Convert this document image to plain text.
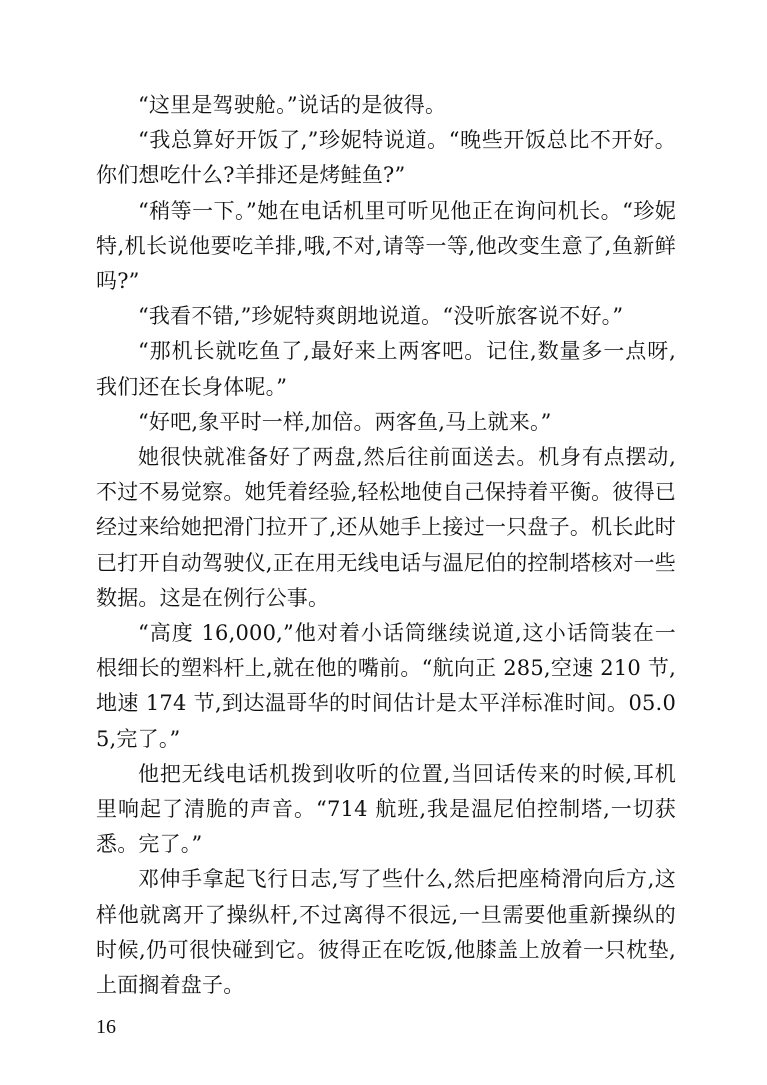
“这里是驾驶舱。”说话的是彼得。

“我总算好开饭了,”珍妮特说道。“晚些开饭总比不开好。你们想吃什么?羊排还是烤鲑鱼?”

“稍等一下。”她在电话机里可听见他正在询问机长。“珍妮特,机长说他要吃羊排,哦,不对,请等一等,他改变生意了,鱼新鲜吗?”

“我看不错,”珍妮特爽朗地说道。“没听旅客说不好。”

“那机长就吃鱼了,最好来上两客吧。记住,数量多一点呀,我们还在长身体呢。”

“好吧,象平时一样,加倍。两客鱼,马上就来。”

她很快就准备好了两盘,然后往前面送去。机身有点摆动,不过不易觉察。她凭着经验,轻松地使自己保持着平衡。彼得已经过来给她把滑门拉开了,还从她手上接过一只盘子。机长此时已打开自动驾驶仪,正在用无线电话与温尼伯的控制塔核对一些数据。这是在例行公事。

“高度 16,000,”他对着小话筒继续说道,这小话筒装在一根细长的塑料杆上,就在他的嘴前。“航向正 285,空速 210 节,地速 174 节,到达温哥华的时间估计是太平洋标准时间。05.05,完了。”

他把无线电话机拨到收听的位置,当回话传来的时候,耳机里响起了清脆的声音。“714 航班,我是温尼伯控制塔,一切获悉。完了。”

邓伸手拿起飞行日志,写了些什么,然后把座椅滑向后方,这样他就离开了操纵杆,不过离得不很远,一旦需要他重新操纵的时候,仍可很快碰到它。彼得正在吃饭,他膝盖上放着一只枕垫,上面搁着盘子。

16
